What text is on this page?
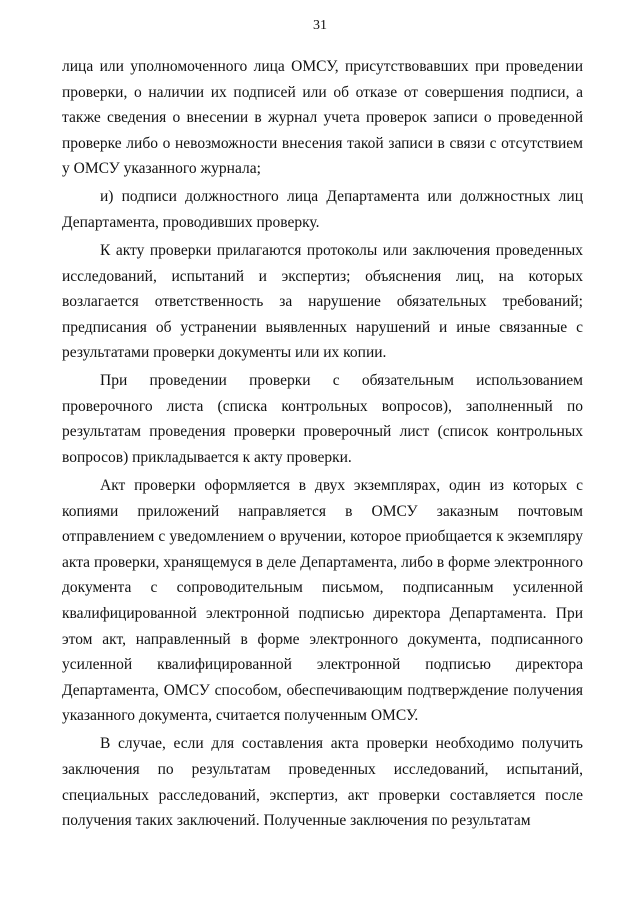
31

лица или уполномоченного лица ОМСУ, присутствовавших при проведении проверки, о наличии их подписей или об отказе от совершения подписи, а также сведения о внесении в журнал учета проверок записи о проведенной проверке либо о невозможности внесения такой записи в связи с отсутствием у ОМСУ указанного журнала;

и) подписи должностного лица Департамента или должностных лиц Департамента, проводивших проверку.

К акту проверки прилагаются протоколы или заключения проведенных исследований, испытаний и экспертиз; объяснения лиц, на которых возлагается ответственность за нарушение обязательных требований; предписания об устранении выявленных нарушений и иные связанные с результатами проверки документы или их копии.

При проведении проверки с обязательным использованием проверочного листа (списка контрольных вопросов), заполненный по результатам проведения проверки проверочный лист (список контрольных вопросов) прикладывается к акту проверки.

Акт проверки оформляется в двух экземплярах, один из которых с копиями приложений направляется в ОМСУ заказным почтовым отправлением с уведомлением о вручении, которое приобщается к экземпляру акта проверки, хранящемуся в деле Департамента, либо в форме электронного документа с сопроводительным письмом, подписанным усиленной квалифицированной электронной подписью директора Департамента. При этом акт, направленный в форме электронного документа, подписанного усиленной квалифицированной электронной подписью директора Департамента, ОМСУ способом, обеспечивающим подтверждение получения указанного документа, считается полученным ОМСУ.

В случае, если для составления акта проверки необходимо получить заключения по результатам проведенных исследований, испытаний, специальных расследований, экспертиз, акт проверки составляется после получения таких заключений. Полученные заключения по результатам
